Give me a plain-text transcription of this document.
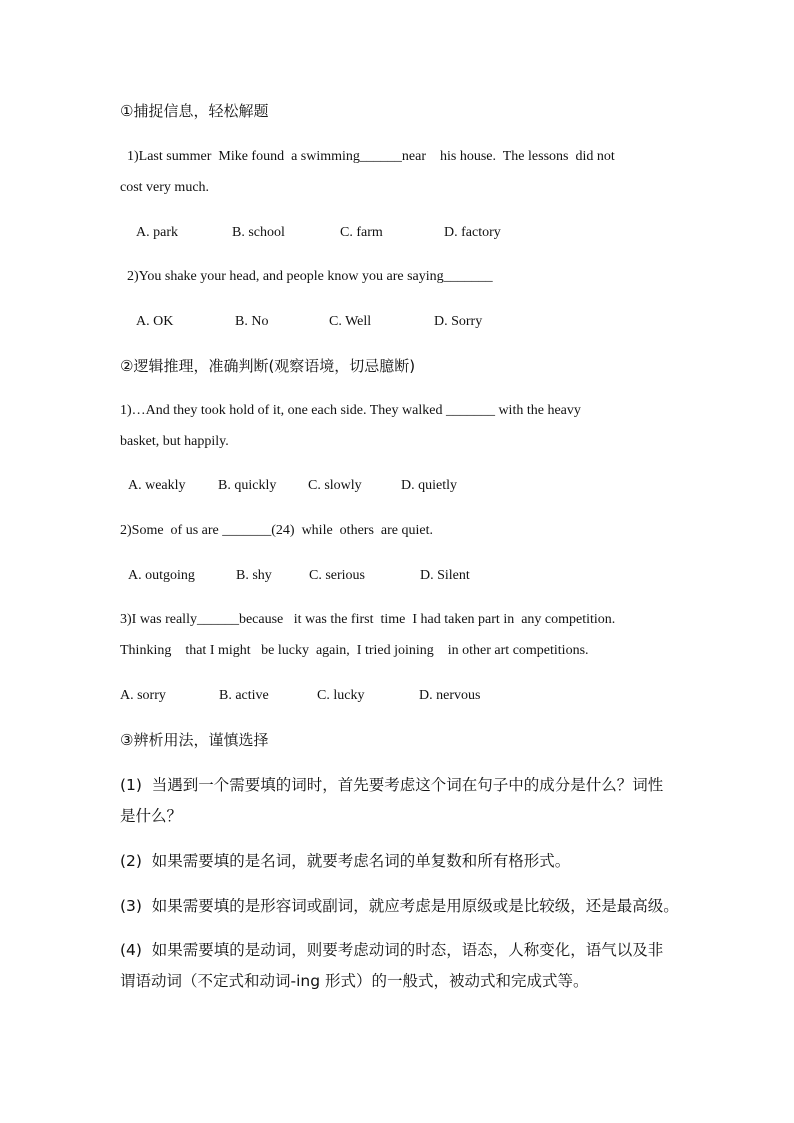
①捕捉信息，轻松解题
1)Last summer  Mike found  a swimming______near    his house.  The lessons  did not
cost very much.
A. park	B. school	C. farm	D. factory
2)You shake your head, and people know you are saying_______
A. OK	B. No	C. Well	D. Sorry
②逻辑推理，准确判断(观察语境，切忌臆断)
1)…And they took hold of it, one each side. They walked _______ with the heavy
basket, but happily.
A. weakly B. quickly C. slowly	D. quietly
2)Some  of us are _______(24)  while  others  are quiet.
A. outgoing	B. shy	C. serious	D. Silent
3)I was really______because   it was the first  time  I had taken part in  any competition.
Thinking    that I might   be lucky  again,  I tried joining    in other art competitions.
A. sorry	B. active	C. lucky	D. nervous
③辨析用法，谨慎选择
(1)  当遇到一个需要填的词时，首先要考虑这个词在句子中的成分是什么？词性
是什么？
(2)  如果需要填的是名词，就要考虑名词的单复数和所有格形式。
(3)  如果需要填的是形容词或副词，就应考虑是用原级或是比较级，还是最高级。
(4)  如果需要填的是动词，则要考虑动词的时态，语态，人称变化，语气以及非
谓语动词（不定式和动词-ing 形式）的一般式，被动式和完成式等。
